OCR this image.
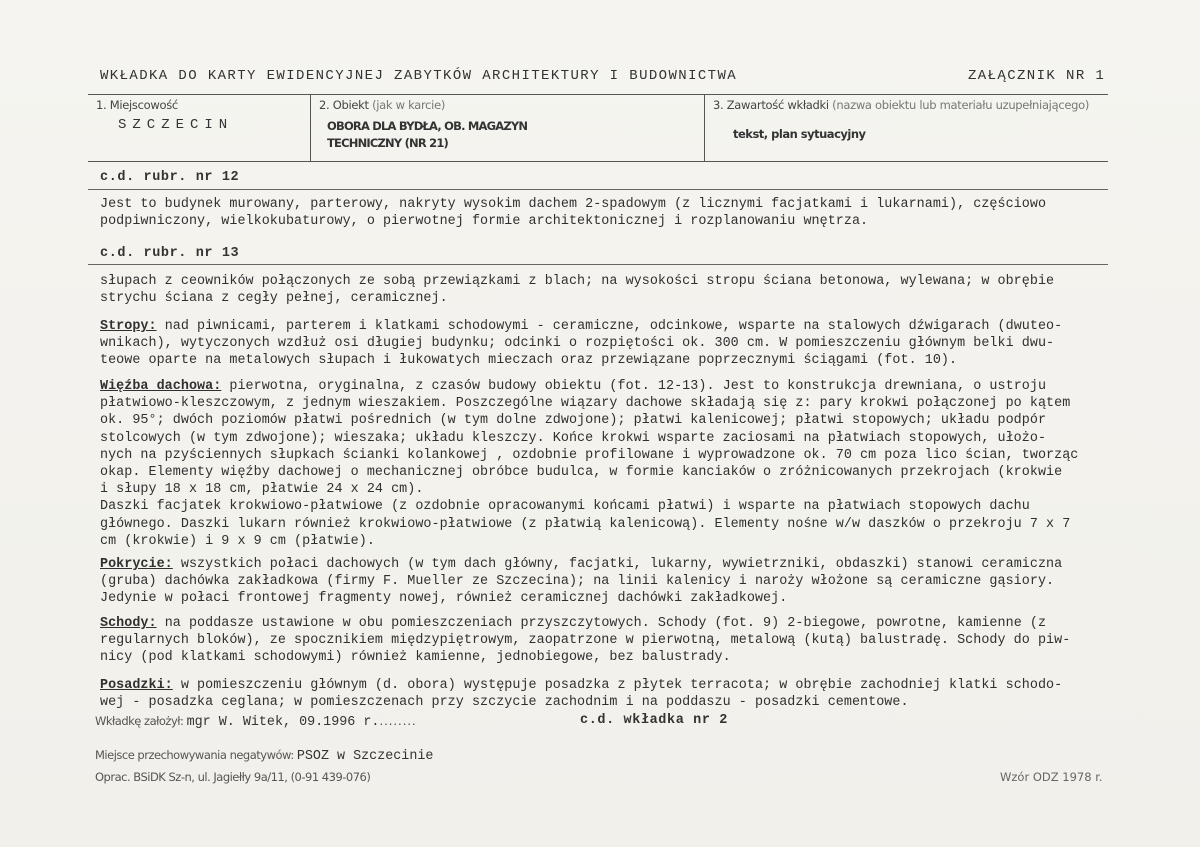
WKŁADKA DO KARTY EWIDENCYJNEJ ZABYTKÓW ARCHITEKTURY I BUDOWNICTWA	ZAŁĄCZNIK NR 1
1. Miejscowość
SZCZECIN
2. Obiekt (jak w karcie)
OBORA DLA BYDŁA, OB. MAGAZYN TECHNICZNY (NR 21)
3. Zawartość wkładki (nazwa obiektu lub materiału uzupełniającego)
tekst, plan sytuacyjny
c.d. rubr. nr 12
Jest to budynek murowany, parterowy, nakryty wysokim dachem 2-spadowym (z licznymi facjatkami i lukarnami), częściowo
podpiwniczony, wielkokubaturowy, o pierwotnej formie architektonicznej i rozplanowaniu wnętrza.
c.d. rubr. nr 13
słupach z ceowników połączonych ze sobą przewiązkami z blach; na wysokości stropu ściana betonowa, wylewana; w obrębie
strychu ściana z cegły pełnej, ceramicznej.
Stropy: nad piwnicami, parterem i klatkami schodowymi - ceramiczne, odcinkowe, wsparte na stalowych dźwigarach (dwuteo-
wnikach), wytyczonych wzdłuż osi długiej budynku; odcinki o rozpiętości ok. 300 cm. W pomieszczeniu głównym belki dwu-
teowe oparte na metalowych słupach i łukowatych mieczach oraz przewiązane poprzecznymi ściągami (fot. 10).
Więźba dachowa: pierwotna, oryginalna, z czasów budowy obiektu (fot. 12-13). Jest to konstrukcja drewniana, o ustroju
płatwiowo-kleszczowym, z jednym wieszakiem. Poszczególne wiązary dachowe składają się z: pary krokwi połączonej po kątem
ok. 95°; dwóch poziomów płatwi pośrednich (w tym dolne zdwojone); płatwi kalenicowej; płatwi stopowych; układu podpór
stolcowych (w tym zdwojone); wieszaka; układu kleszczy. Końce krokwi wsparte zaciosami na płatwiach stopowych, ułożo-
nych na pzyściennych słupkach ścianki kolankowej , ozdobnie profilowane i wyprowadzone ok. 70 cm poza lico ścian, tworząc
okap. Elementy więźby dachowej o mechanicznej obróbce budulca, w formie kanciaków o zróżnicowanych przekrojach (krokwie
i słupy 18 x 18 cm, płatwie 24 x 24 cm).
Daszki facjatek krokwiowo-płatwiowe (z ozdobnie opracowanymi końcami płatwi) i wsparte na płatwiach stopowych dachu
głównego. Daszki lukarn również krokwiowo-płatwiowe (z płatwią kalenicową). Elementy nośne w/w daszków o przekroju 7 x 7
cm (krokwie) i 9 x 9 cm (płatwie).
Pokrycie: wszystkich połaci dachowych (w tym dach główny, facjatki, lukarny, wywietrzniki, obdaszki) stanowi ceramiczna
(gruba) dachówka zakładkowa (firmy F. Mueller ze Szczecina); na linii kalenicy i naroży włożone są ceramiczne gąsiory.
Jedynie w połaci frontowej fragmenty nowej, również ceramicznej dachówki zakładkowej.
Schody: na poddasze ustawione w obu pomieszczeniach przyszczytowych. Schody (fot. 9) 2-biegowe, powrotne, kamienne (z
regularnych bloków), ze spocznikiem międzypiętrowym, zaopatrzone w pierwotną, metalową (kutą) balustradę. Schody do piw-
nicy (pod klatkami schodowymi) również kamienne, jednobiegowe, bez balustrady.
Posadzki: w pomieszczeniu głównym (d. obora) występuje posadzka z płytek terracota; w obrębie zachodniej klatki schodo-
wej - posadzka ceglana; w pomieszczenach przy szczycie zachodnim i na poddaszu - posadzki cementowe.
Wkładkę założył: mgr W. Witek, 09.1996 r.........	c.d. wkładka nr 2
Miejsce przechowywania negatywów: PSOZ w Szczecinie
Oprac. BSiDK Sz-n, ul. Jagiełły 9a/11, (0-91 439-076)	Wzór ODZ 1978 r.
